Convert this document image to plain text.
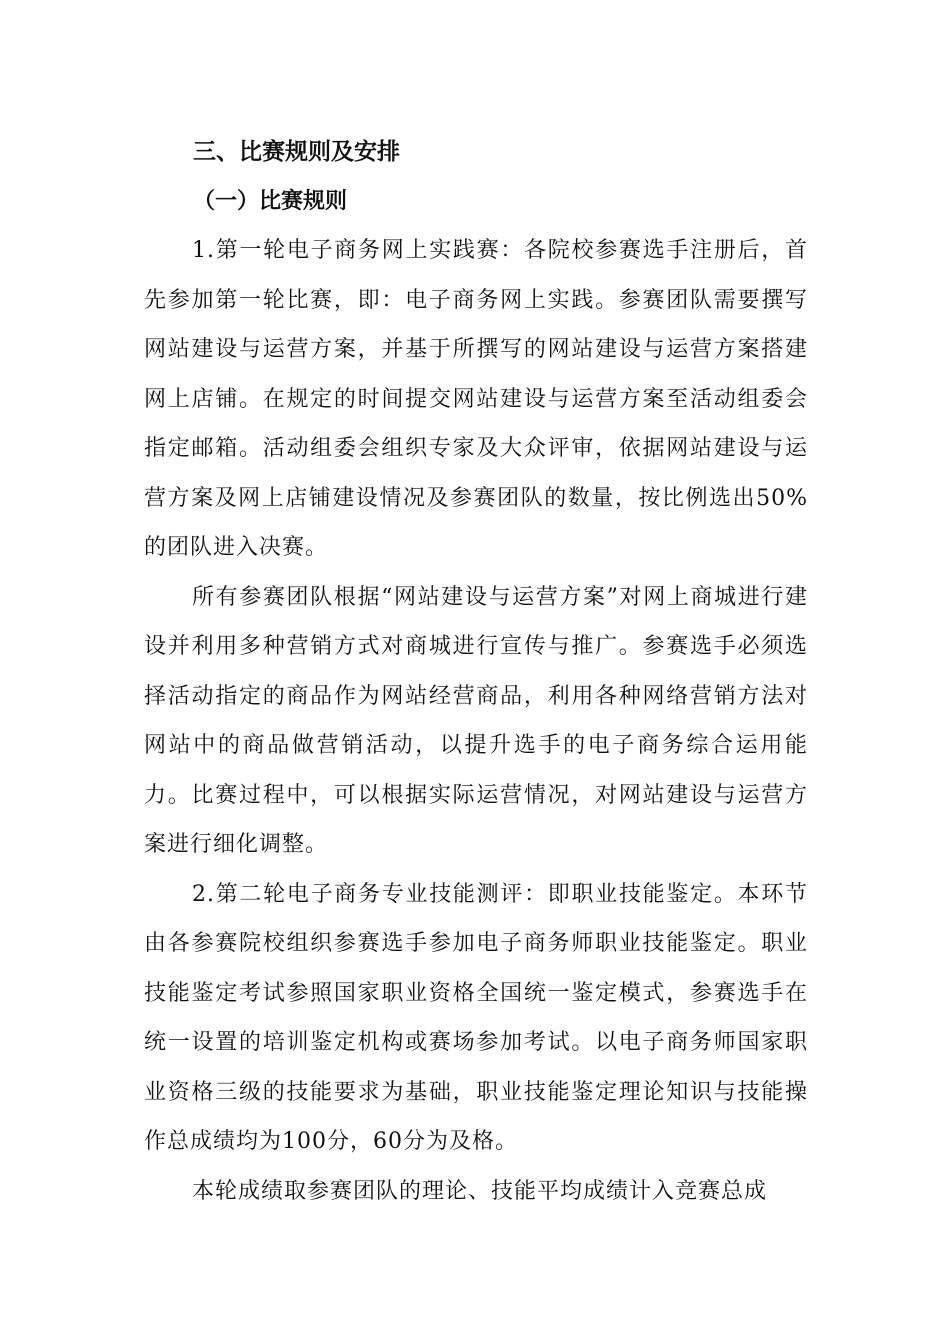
三、比赛规则及安排
（一）比赛规则

1.第一轮电子商务网上实践赛：各院校参赛选手注册后，首先参加第一轮比赛，即：电子商务网上实践。参赛团队需要撰写网站建设与运营方案，并基于所撰写的网站建设与运营方案搭建网上店铺。在规定的时间提交网站建设与运营方案至活动组委会指定邮箱。活动组委会组织专家及大众评审，依据网站建设与运营方案及网上店铺建设情况及参赛团队的数量，按比例选出50%的团队进入决赛。

所有参赛团队根据“网站建设与运营方案”对网上商城进行建设并利用多种营销方式对商城进行宣传与推广。参赛选手必须选择活动指定的商品作为网站经营商品，利用各种网络营销方法对网站中的商品做营销活动，以提升选手的电子商务综合运用能力。比赛过程中，可以根据实际运营情况，对网站建设与运营方案进行细化调整。

2.第二轮电子商务专业技能测评：即职业技能鉴定。本环节由各参赛院校组织参赛选手参加电子商务师职业技能鉴定。职业技能鉴定考试参照国家职业资格全国统一鉴定模式，参赛选手在统一设置的培训鉴定机构或赛场参加考试。以电子商务师国家职业资格三级的技能要求为基础，职业技能鉴定理论知识与技能操作总成绩均为100分，60分为及格。

本轮成绩取参赛团队的理论、技能平均成绩计入竞赛总成
